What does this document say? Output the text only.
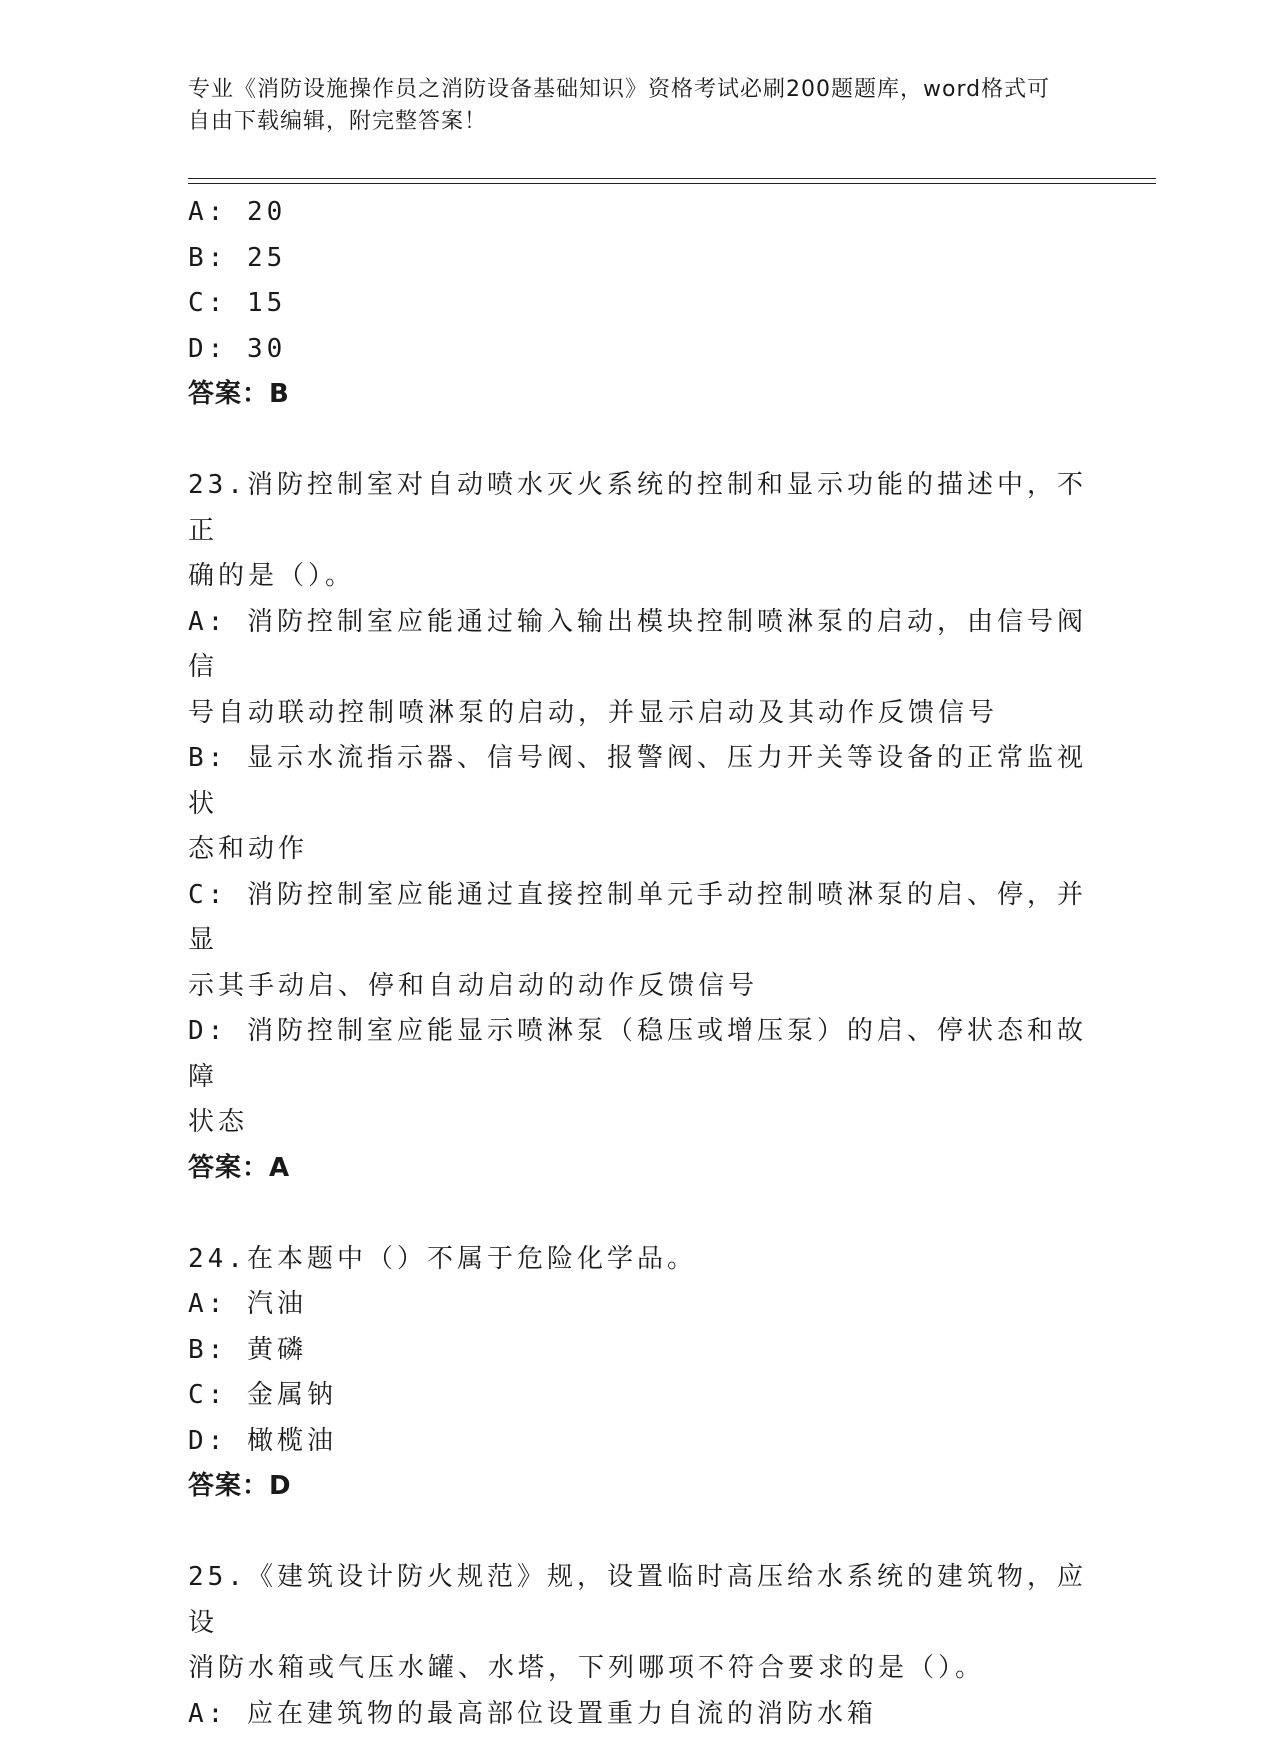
专业《消防设施操作员之消防设备基础知识》资格考试必刷200题题库，word格式可自由下载编辑，附完整答案！
A: 20
B: 25
C: 15
D: 30
答案：B
23.消防控制室对自动喷水灭火系统的控制和显示功能的描述中，不正
确的是（）。
A: 消防控制室应能通过输入输出模块控制喷淋泵的启动，由信号阀信
号自动联动控制喷淋泵的启动，并显示启动及其动作反馈信号
B: 显示水流指示器、信号阀、报警阀、压力开关等设备的正常监视状
态和动作
C: 消防控制室应能通过直接控制单元手动控制喷淋泵的启、停，并显
示其手动启、停和自动启动的动作反馈信号
D: 消防控制室应能显示喷淋泵（稳压或增压泵）的启、停状态和故障
状态
答案：A
24.在本题中（）不属于危险化学品。
A: 汽油
B: 黄磷
C: 金属钠
D: 橄榄油
答案：D
25.《建筑设计防火规范》规，设置临时高压给水系统的建筑物，应设
消防水箱或气压水罐、水塔，下列哪项不符合要求的是（）。
A: 应在建筑物的最高部位设置重力自流的消防水箱
